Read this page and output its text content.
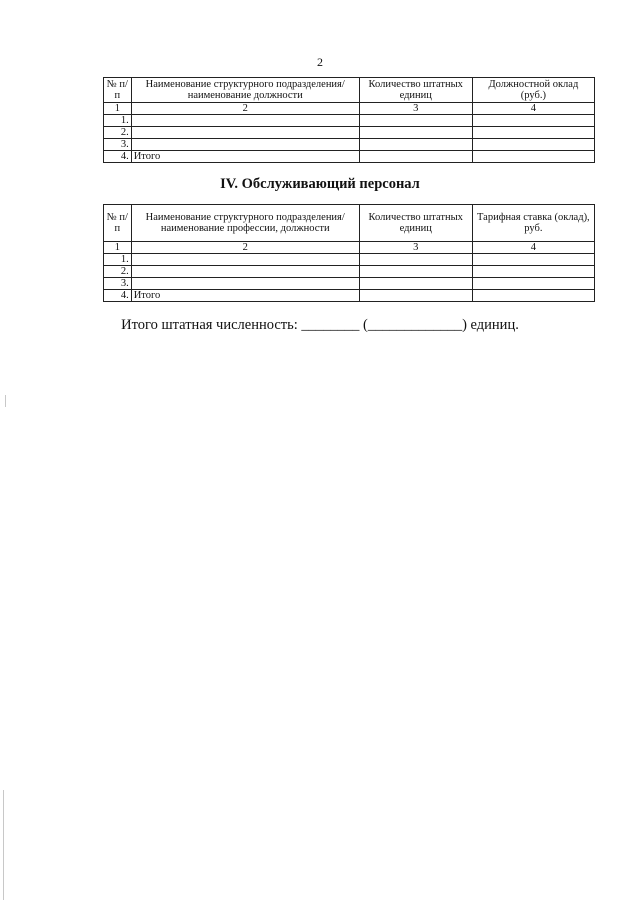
2
№ п/п	Наименование структурного подразделения/наименование должности	Количество штатных единиц	Должностной оклад (руб.)
1	2	3	4
1.			
2.			
3.			
4.	Итого		
IV. Обслуживающий персонал
№ п/п	Наименование структурного подразделения/наименование профессии, должности	Количество штатных единиц	Тарифная ставка (оклад), руб.
1	2	3	4
1.			
2.			
3.			
4.	Итого		
Итого штатная численность: ________ (_____________) единиц.
